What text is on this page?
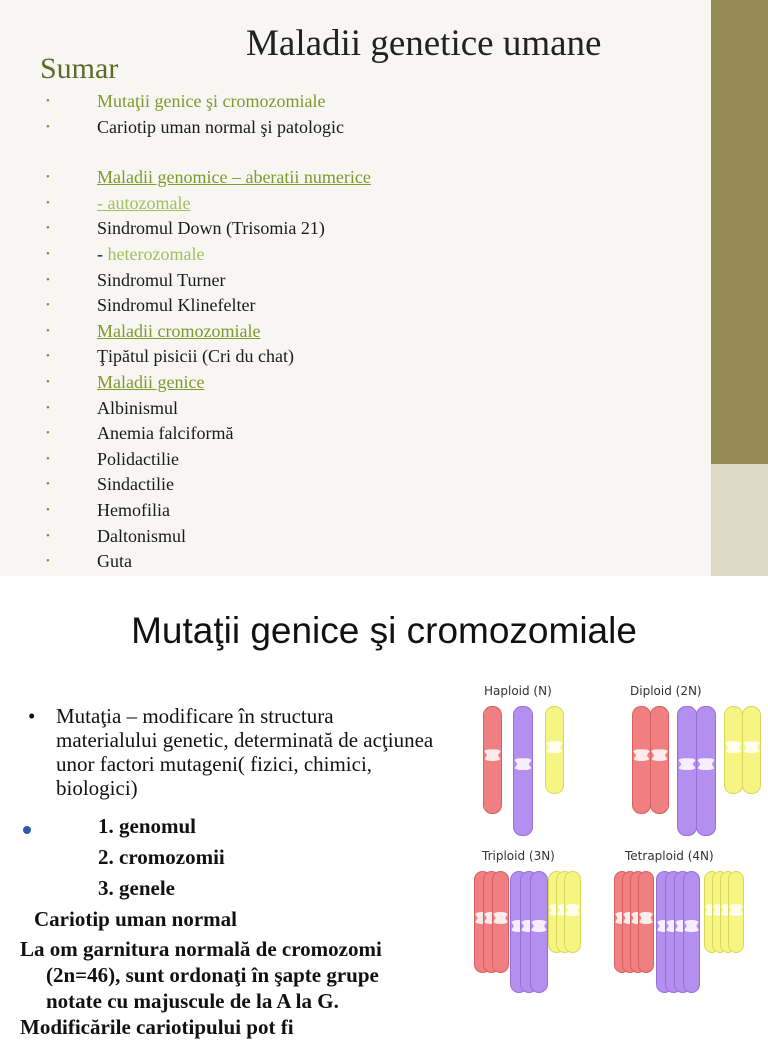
Maladii genetice umane
Sumar
•	Mutaţii genice şi cromozomiale
•	Cariotip uman normal şi patologic
•	Maladii genomice – aberatii numerice
•	- autozomale
•	Sindromul Down (Trisomia 21)
•	- heterozomale
•	Sindromul Turner
•	Sindromul Klinefelter
•	Maladii cromozomiale
•	Ţipătul pisicii (Cri du chat)
•	Maladii genice
•	Albinismul
•	Anemia falciformă
•	Polidactilie
•	Sindactilie
•	Hemofilia
•	Daltonismul
•	Guta
Mutaţii genice şi cromozomiale
• Mutaţia – modificare în structura materialului genetic, determinată de acţiunea unor factori mutageni( fizici, chimici, biologici)
1. genomul
2. cromozomii
3. genele
Cariotip uman normal
La om garnitura normală de cromozomi
(2n=46), sunt ordonaţi în şapte grupe
notate cu majuscule de la A la G.
Modificările cariotipului pot fi
Haploid (N)	Diploid (2N)
Triploid (3N)	Tetraploid (4N)
